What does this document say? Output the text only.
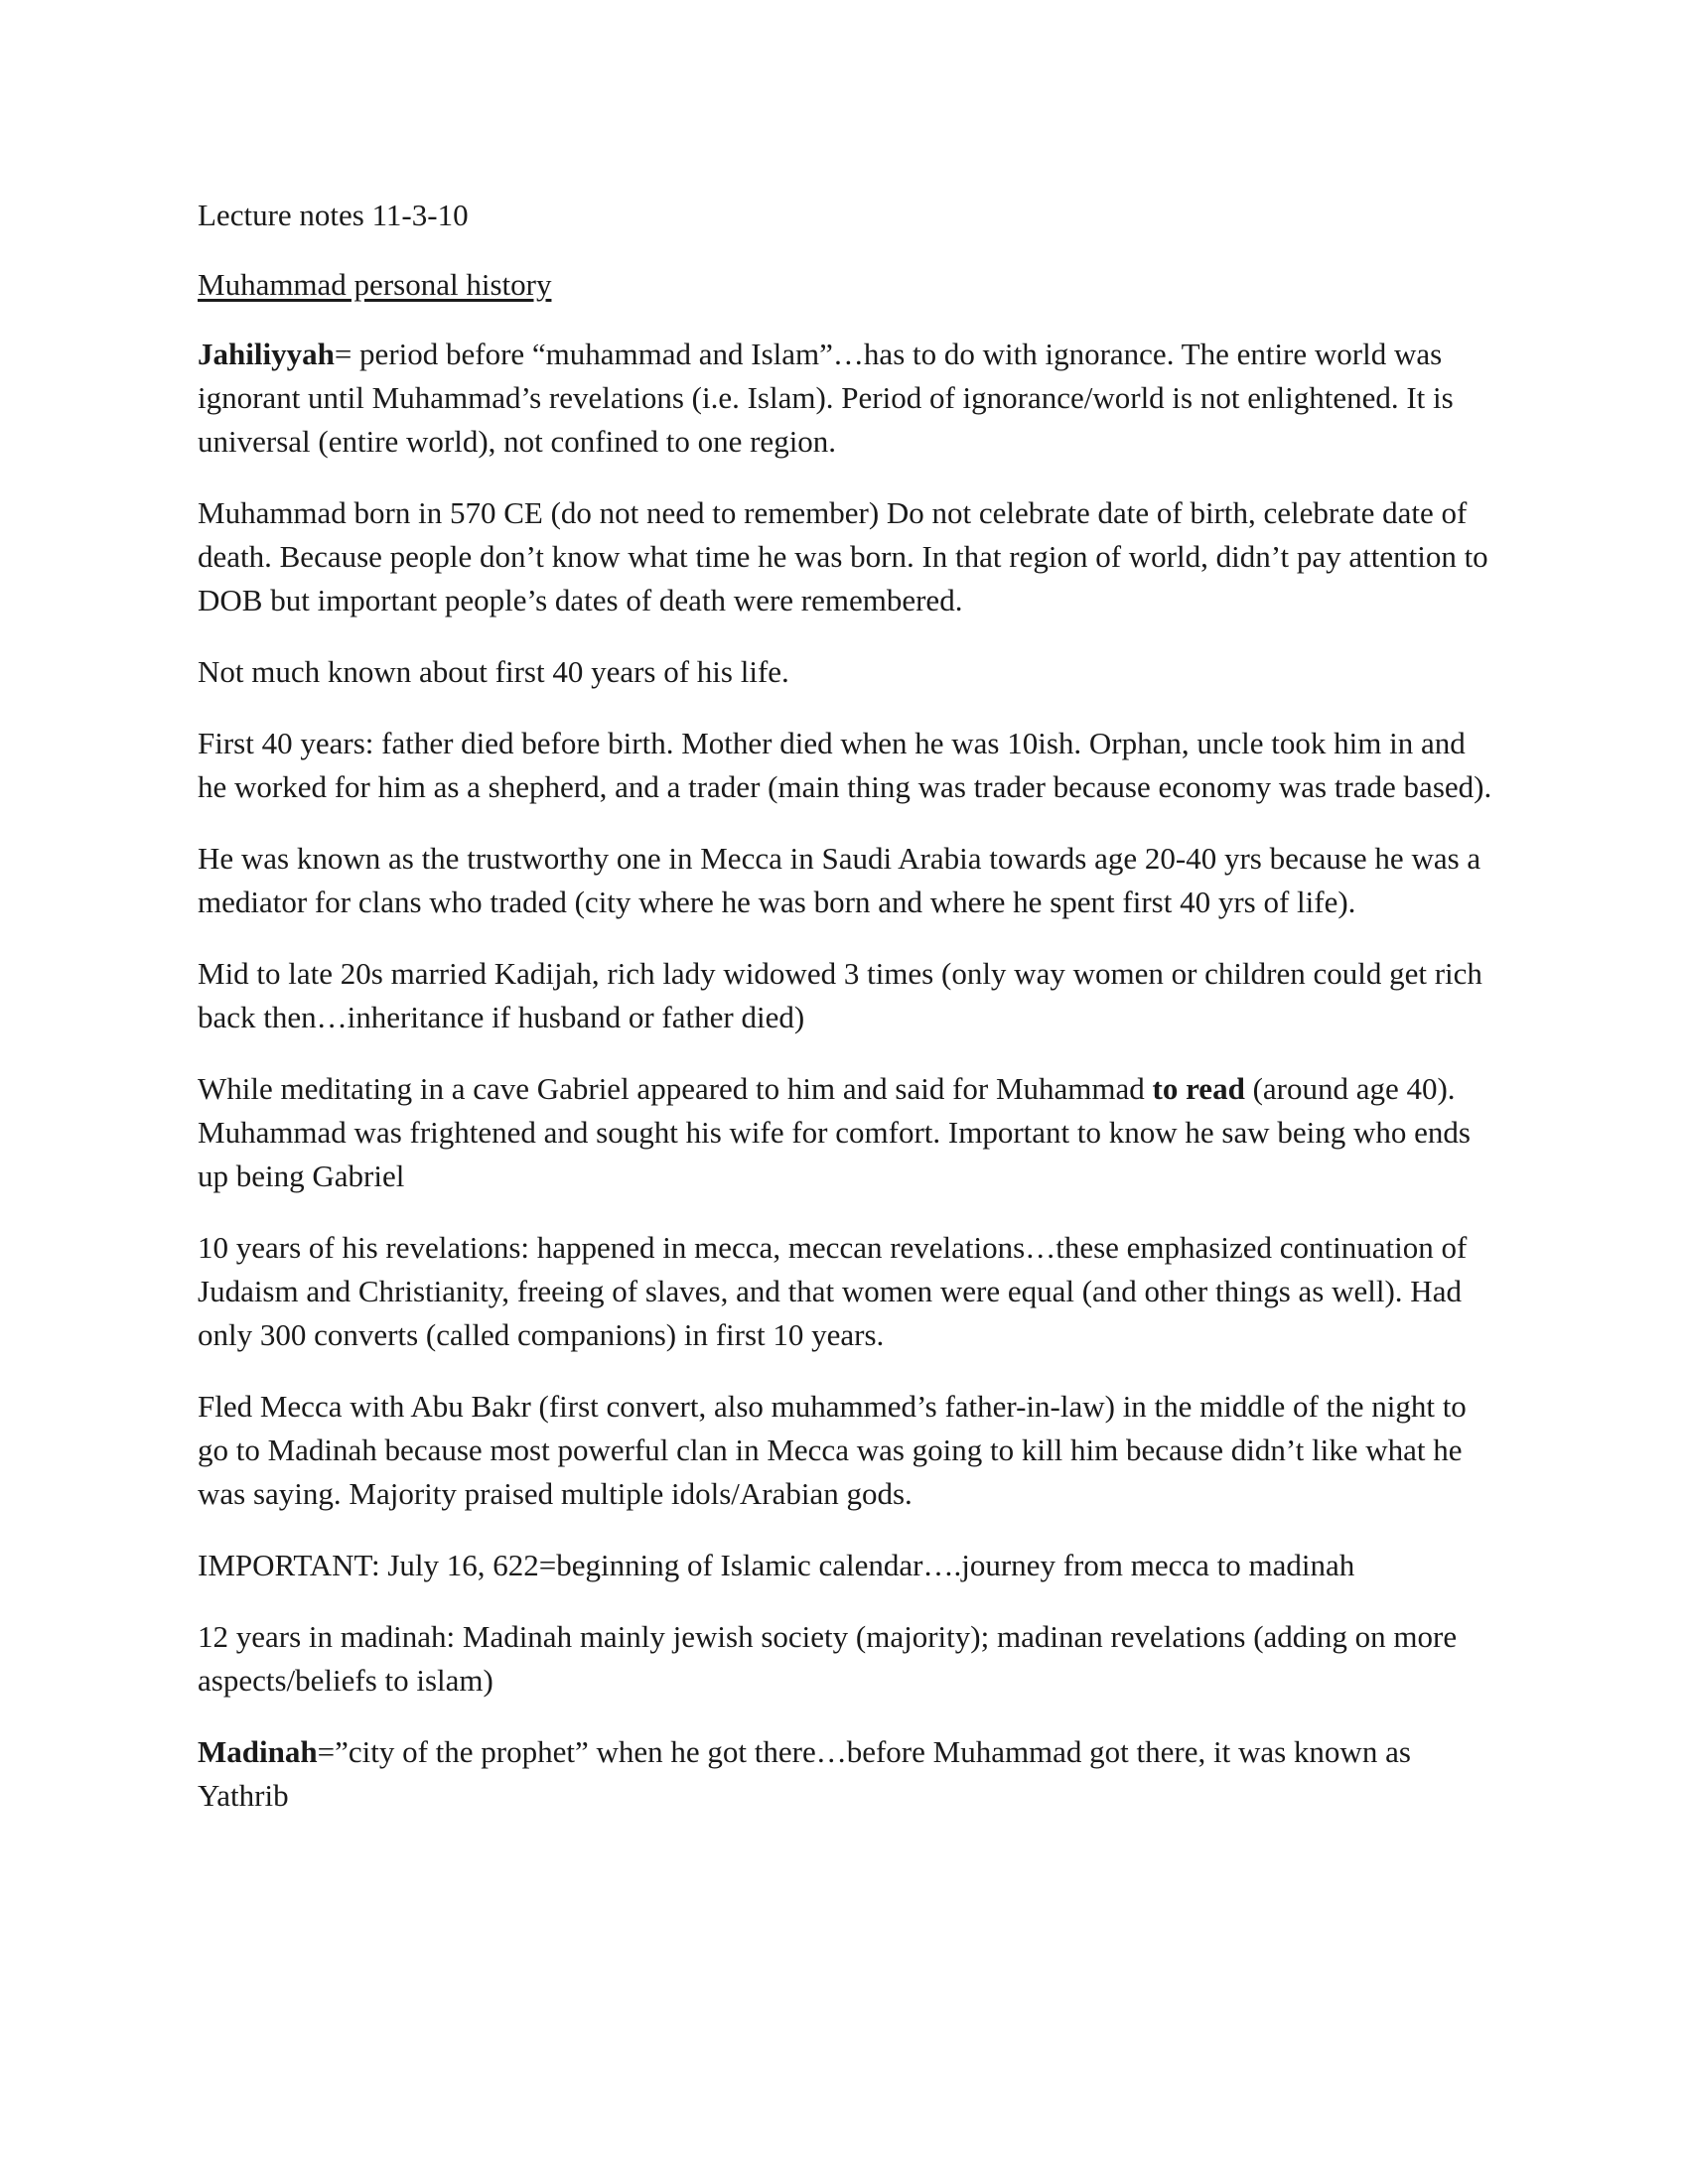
Lecture notes 11-3-10

Muhammad personal history

Jahiliyyah= period before “muhammad and Islam”…has to do with ignorance. The entire world was ignorant until Muhammad’s revelations (i.e. Islam). Period of ignorance/world is not enlightened. It is universal (entire world), not confined to one region.

Muhammad born in 570 CE (do not need to remember) Do not celebrate date of birth, celebrate date of death. Because people don’t know what time he was born. In that region of world, didn’t pay attention to DOB but important people’s dates of death were remembered.

Not much known about first 40 years of his life.

First 40 years: father died before birth. Mother died when he was 10ish. Orphan, uncle took him in and he worked for him as a shepherd, and a trader (main thing was trader because economy was trade based).

He was known as the trustworthy one in Mecca in Saudi Arabia towards age 20-40 yrs because he was a mediator for clans who traded (city where he was born and where he spent first 40 yrs of life).

Mid to late 20s married Kadijah, rich lady widowed 3 times (only way women or children could get rich back then…inheritance if husband or father died)

While meditating in a cave Gabriel appeared to him and said for Muhammad to read (around age 40). Muhammad was frightened and sought his wife for comfort. Important to know he saw being who ends up being Gabriel

10 years of his revelations: happened in mecca, meccan revelations…these emphasized continuation of Judaism and Christianity, freeing of slaves, and that women were equal (and other things as well). Had only 300 converts (called companions) in first 10 years.

Fled Mecca with Abu Bakr (first convert, also muhammed’s father-in-law) in the middle of the night to go to Madinah because most powerful clan in Mecca was going to kill him because didn’t like what he was saying. Majority praised multiple idols/Arabian gods.

IMPORTANT: July 16, 622=beginning of Islamic calendar….journey from mecca to madinah

12 years in madinah: Madinah mainly jewish society (majority); madinan revelations (adding on more aspects/beliefs to islam)

Madinah=”city of the prophet” when he got there…before Muhammad got there, it was known as Yathrib
